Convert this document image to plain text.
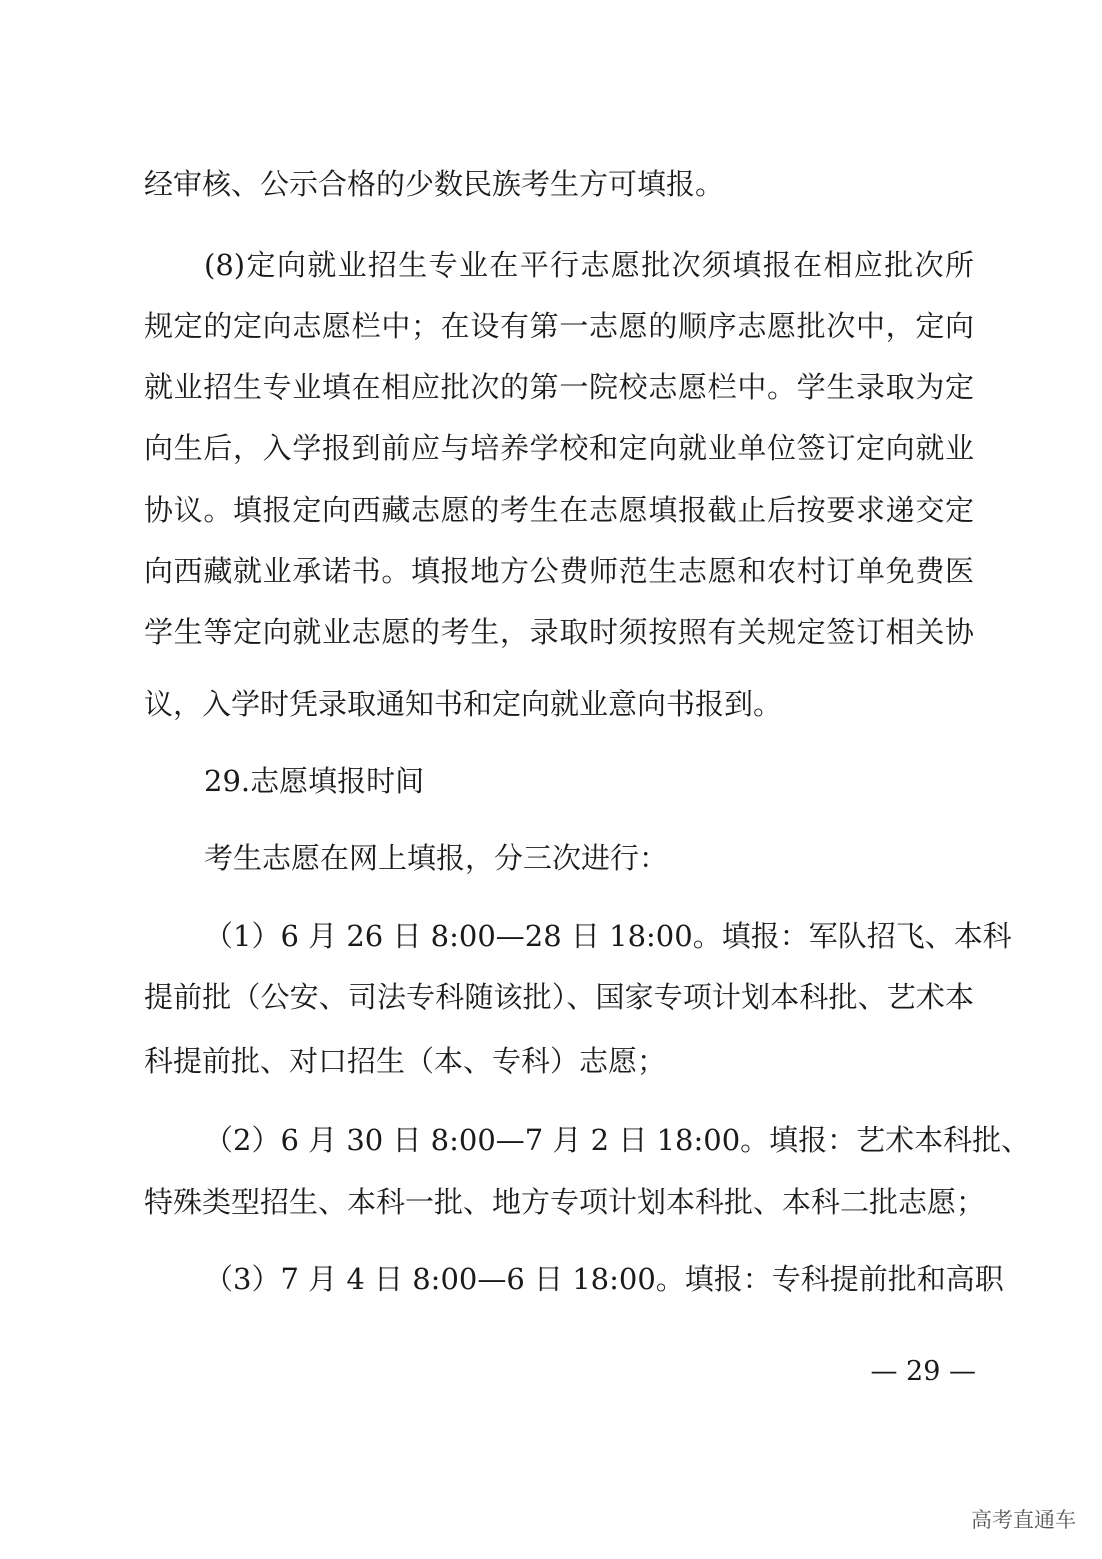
经审核、公示合格的少数民族考生方可填报。
(8)定向就业招生专业在平行志愿批次须填报在相应批次所
规定的定向志愿栏中；在设有第一志愿的顺序志愿批次中，定向
就业招生专业填在相应批次的第一院校志愿栏中。学生录取为定
向生后，入学报到前应与培养学校和定向就业单位签订定向就业
协议。填报定向西藏志愿的考生在志愿填报截止后按要求递交定
向西藏就业承诺书。填报地方公费师范生志愿和农村订单免费医
学生等定向就业志愿的考生，录取时须按照有关规定签订相关协
议，入学时凭录取通知书和定向就业意向书报到。
29.志愿填报时间
考生志愿在网上填报，分三次进行：
（1）6 月 26 日 8:00—28 日 18:00。填报：军队招飞、本科
提前批（公安、司法专科随该批）、国家专项计划本科批、艺术本
科提前批、对口招生（本、专科）志愿；
（2）6 月 30 日 8:00—7 月 2 日 18:00。填报：艺术本科批、
特殊类型招生、本科一批、地方专项计划本科批、本科二批志愿；
（3）7 月 4 日 8:00—6 日 18:00。填报：专科提前批和高职
— 29 —
高考直通车
